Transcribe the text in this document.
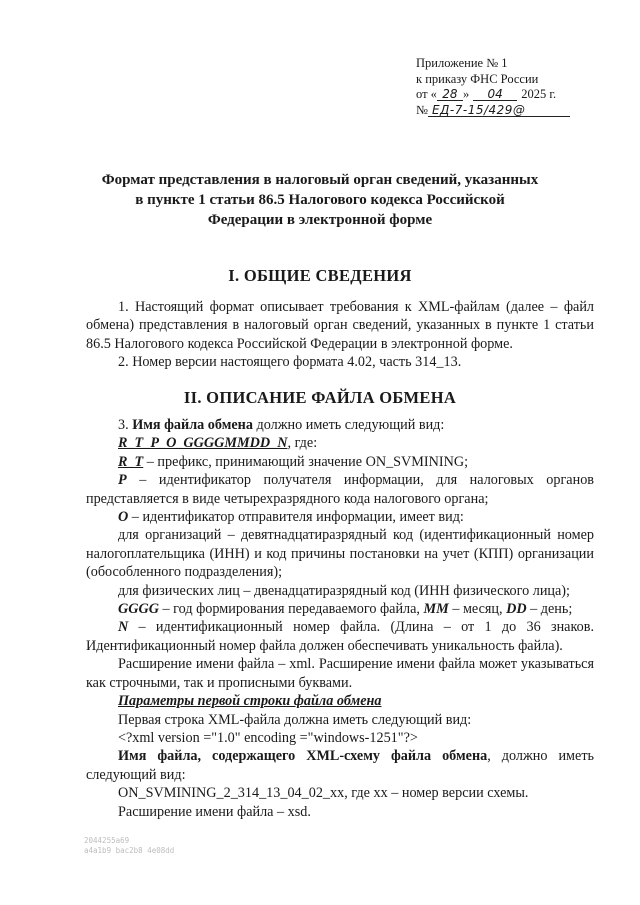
Приложение № 1
к приказу ФНС России
от « 28 » 04 2025 г.
№ ЕД-7-15/429@
Формат представления в налоговый орган сведений, указанных в пункте 1 статьи 86.5 Налогового кодекса Российской Федерации в электронной форме
I. ОБЩИЕ СВЕДЕНИЯ

1. Настоящий формат описывает требования к XML-файлам (далее – файл обмена) представления в налоговый орган сведений, указанных в пункте 1 статьи 86.5 Налогового кодекса Российской Федерации в электронной форме.

2. Номер версии настоящего формата 4.02, часть 314_13.

II. ОПИСАНИЕ ФАЙЛА ОБМЕНА

3. Имя файла обмена должно иметь следующий вид:

R_T_P_O_GGGGMMDD_N, где:

R_T – префикс, принимающий значение ON_SVMINING;

P – идентификатор получателя информации, для налоговых органов представляется в виде четырехразрядного кода налогового органа;

O – идентификатор отправителя информации, имеет вид:

для организаций – девятнадцатиразрядный код (идентификационный номер налогоплательщика (ИНН) и код причины постановки на учет (КПП) организации (обособленного подразделения);

для физических лиц – двенадцатиразрядный код (ИНН физического лица);

GGGG – год формирования передаваемого файла, MM – месяц, DD – день;

N – идентификационный номер файла. (Длина – от 1 до 36 знаков. Идентификационный номер файла должен обеспечивать уникальность файла).

Расширение имени файла – xml. Расширение имени файла может указываться как строчными, так и прописными буквами.

Параметры первой строки файла обмена

Первая строка XML-файла должна иметь следующий вид:

<?xml version ="1.0" encoding ="windows-1251"?>

Имя файла, содержащего XML-схему файла обмена, должно иметь следующий вид:

ON_SVMINING_2_314_13_04_02_xx, где xx – номер версии схемы.

Расширение имени файла – xsd.

2044255a69
a4a1b9 bac2b8 4e08dd
